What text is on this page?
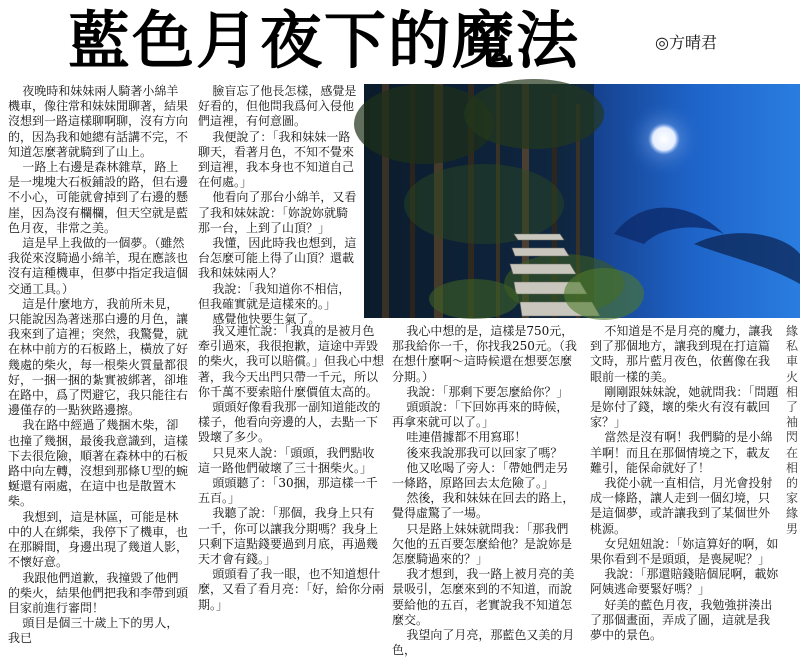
藍色月夜下的魔法	◎方晴君

夜晚時和妹妹兩人騎著小綿羊機車，像往常和妹妹閒聊著，結果沒想到一路這樣聊啊聊，沒有方向的，因為我和她總有話講不完，不知道怎麼著就騎到了山上。

一路上右邊是森林雜草，路上是一塊塊大石板鋪設的路，但右邊不小心，可能就會掉到了右邊的懸崖，因為沒有欄欄，但天空就是藍色月夜，非常之美。

這是早上我做的一個夢。（雖然我從來沒騎過小綿羊，現在應該也沒有這種機車，但夢中指定我這個交通工具。）

這是什麼地方，我前所未見，只能說因為著迷那白邊的月色，讓我來到了這裡；突然，我驚覺，就在林中前方的石板路上，橫放了好幾處的柴火，每一根柴火質量都很好，一捆一捆的紮實被綁著，卻堆在路中，爲了閃避它，我只能往右邊僅存的一點狹路邊擦。

我在路中經過了幾捆木柴，卻也撞了幾捆，最後我意識到，這樣下去很危險，順著在森林中的石板路中向左轉，沒想到那條Ｕ型的蜿蜒還有兩處，在這中也是散置木柴。

我想到，這是林區，可能是林中的人在綁柴，我停下了機車，也在那瞬間，身邊出現了幾道人影，不懷好意。

我跟他們道歉，我撞毀了他們的柴火，結果他們把我和李帶到頭目家前進行審問！

頭目是個三十歲上下的男人，我已

臉盲忘了他長怎樣，感覺是好看的，但他問我爲何入侵他們這裡，有何意圖。

我便說了：「我和妹妹一路聊天，看著月色，不知不覺來到這裡，我本身也不知道自己在何處。」

他看向了那台小綿羊，又看了我和妹妹說：「妳說妳就騎那一台，上到了山頂？」

我懂，因此時我也想到，這台怎麼可能上得了山頂？還載我和妹妹兩人？

我說：「我知道你不相信，但我確實就是這樣來的。」

感覺他快要生氣了。

我又連忙說：「我真的是被月色牽引過來，我很抱歉，這途中弄毀的柴火，我可以賠償。」但我心中想著，我今天出門只帶一千元，所以你千萬不要索賠什麼價值太高的。

頭頭好像看我那一副知道能改的樣子，他看向旁邊的人，去點一下毀壞了多少。

只見來人說：「頭頭，我們點收這一路他們破壞了三十捆柴火。」

頭頭聽了：「30捆，那這樣一千五百。」

我聽了說：「那個，我身上只有一千，你可以讓我分期嗎？我身上只剩下這點錢要過到月底，再過幾天才會有錢。」

頭頭看了我一眼，也不知道想什麼，又看了看月亮：「好，給你分兩期。」

我心中想的是，這樣是750元，那我給你一千，你找我250元。（我在想什麼啊～這時候還在想要怎麼分期。）

我說：「那剩下要怎麼給你？」

頭頭說：「下回妳再來的時候，再拿來就可以了。」

哇連借據都不用寫耶！

後來我說那我可以回家了嗎？

他又吆喝了旁人：「帶她們走另一條路，原路回去太危險了。」

然後，我和妹妹在回去的路上，覺得虛驚了一場。

只是路上妹妹就問我：「那我們欠他的五百要怎麼給他？是說妳是怎麼騎過來的？」

我才想到，我一路上被月亮的美景吸引，怎麼來到的不知道，而說要給他的五百，老實說我不知道怎麼交。

我望向了月亮，那藍色又美的月色，

不知道是不是月亮的魔力，讓我到了那個地方，讓我到現在打這篇文時，那片藍月夜色，依舊像在我眼前一樣的美。

剛剛跟妹妹說，她就問我：「問題是妳付了錢，壞的柴火有沒有載回家？」

當然是沒有啊！我們騎的是小綿羊啊！而且在那個情境之下，載友難引，能保命就好了！

我從小就一直相信，月光會投射成一條路，讓人走到一個幻境，只是這個夢，或許讓我到了某個世外桃源。

女兒妞妞說：「妳這算好的啊，如果你看到不是頭頭，是喪屍呢？」

我說：「那還賠錢賠個屁啊，載妳阿姨逃命要緊好嗎？」

好美的藍色月夜，我勉強拼湊出了那個畫面，弄成了圖，這就是我夢中的景色。

緣
私
車
火
相
了
袖
閃
在
相
的
家
緣
男
